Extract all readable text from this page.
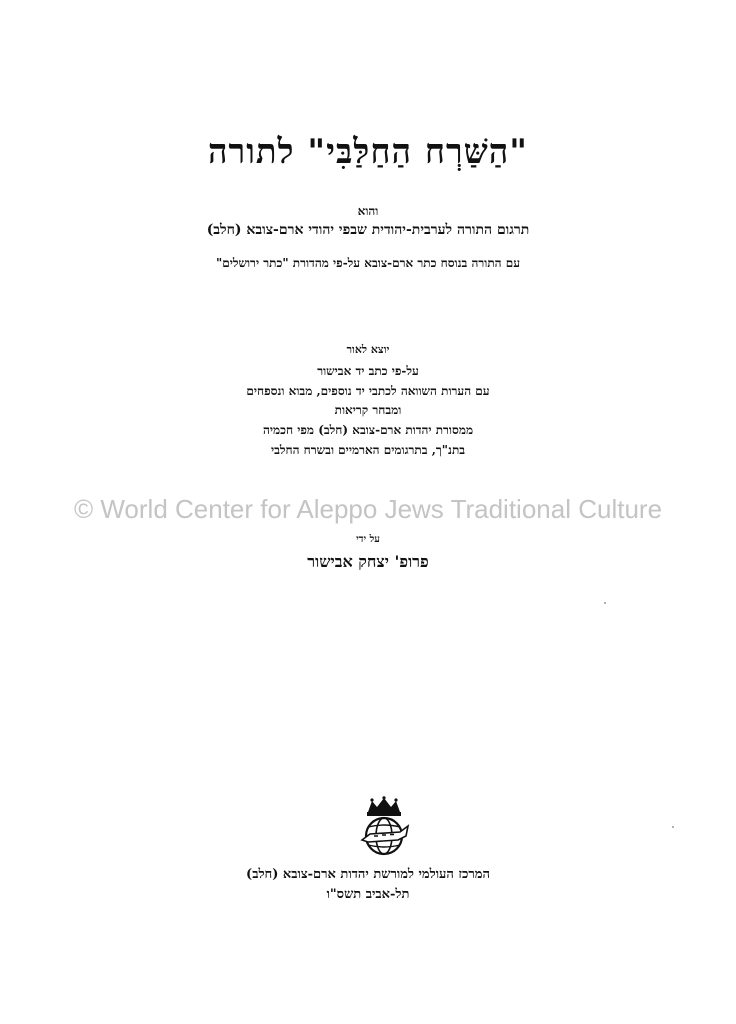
"הַשַּׁרְח הַחַלַּבִּי" לתורה
והוא
תרגום התורה לערבית-יהודית שבפי יהודי ארם-צובא (חלב)
עם התורה בנוסח כתר ארם-צובא על-פי מהדורת "כתר ירושלים"
יוצא לאור
על-פי כתב יד אבישור
עם הערות השוואה לכתבי יד נוספים, מבוא ונספחים
ומבחר קריאות
ממסורת יהדות ארם-צובא (חלב) מפי חכמיה
בתנ"ך, בתרגומים הארמיים ובשרח החלבי
© World Center for Aleppo Jews Traditional Culture
על ידי
פרופ' יצחק אבישור
המרכז העולמי למורשת יהדות ארם-צובא (חלב)
תל-אביב תשס"ו
